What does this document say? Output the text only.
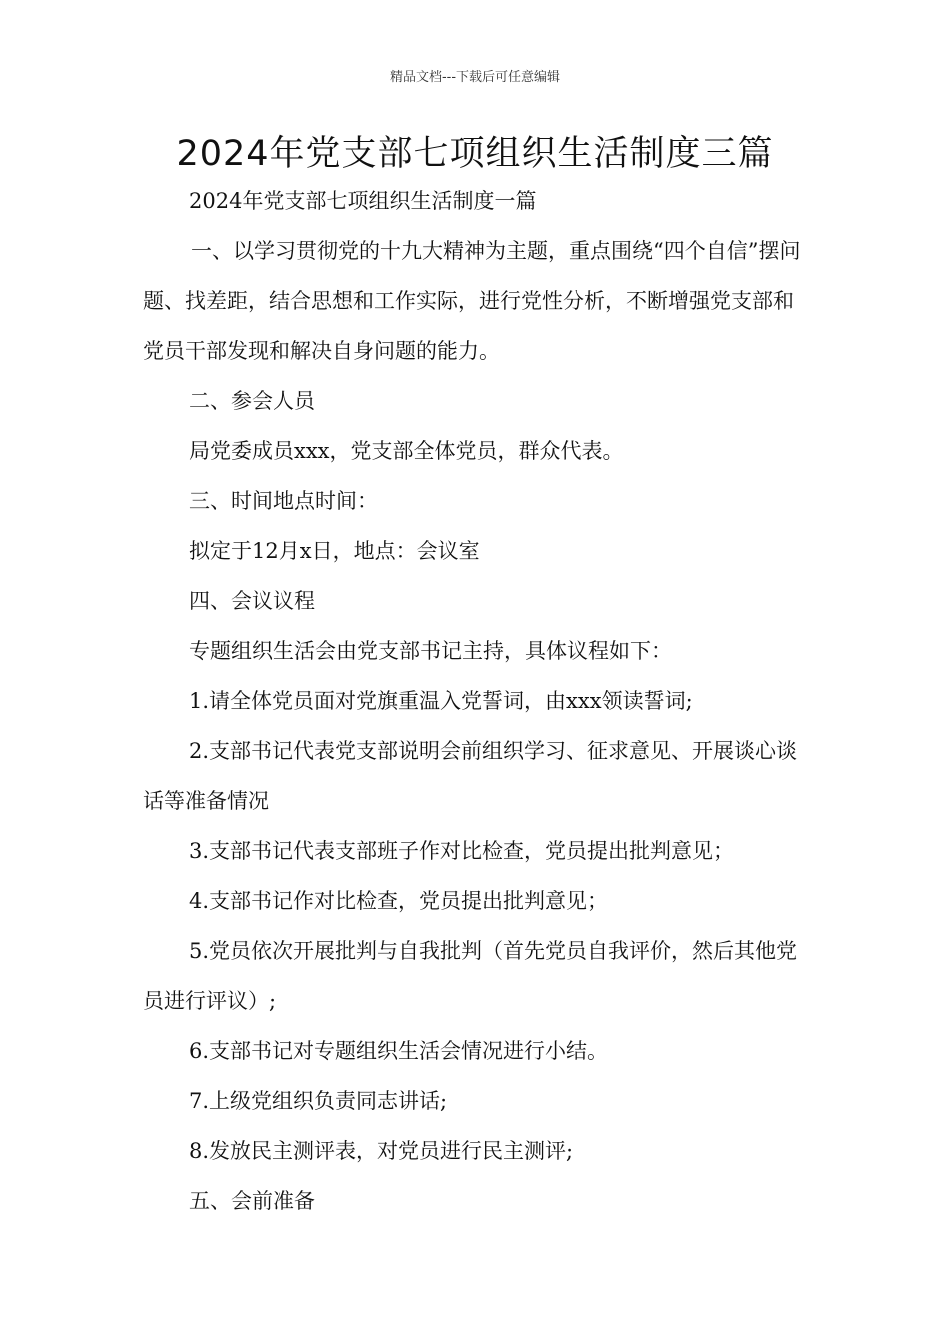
精品文档---下载后可任意编辑
2024年党支部七项组织生活制度三篇

2024年党支部七项组织生活制度一篇

一、以学习贯彻党的十九大精神为主题，重点围绕“四个自信”摆问题、找差距，结合思想和工作实际，进行党性分析，不断增强党支部和党员干部发现和解决自身问题的能力。

二、参会人员

局党委成员xxx，党支部全体党员，群众代表。

三、时间地点时间：

拟定于12月x日，地点：会议室

四、会议议程

专题组织生活会由党支部书记主持，具体议程如下：

1.请全体党员面对党旗重温入党誓词，由xxx领读誓词;

2.支部书记代表党支部说明会前组织学习、征求意见、开展谈心谈话等准备情况

3.支部书记代表支部班子作对比检查，党员提出批判意见；

4.支部书记作对比检查，党员提出批判意见；

5.党员依次开展批判与自我批判（首先党员自我评价，然后其他党员进行评议）;

6.支部书记对专题组织生活会情况进行小结。

7.上级党组织负责同志讲话;

8.发放民主测评表，对党员进行民主测评;

五、会前准备
